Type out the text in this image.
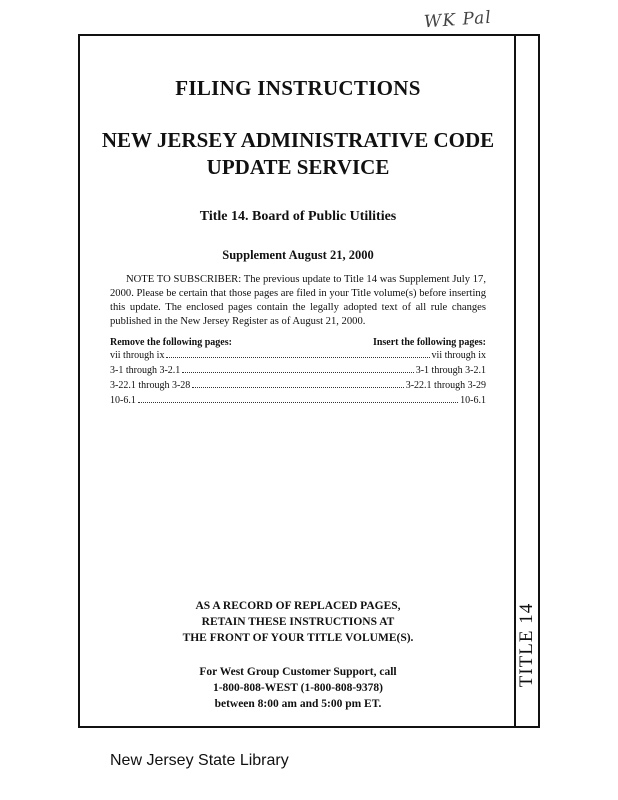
WK Pal
TITLE 14
FILING INSTRUCTIONS
NEW JERSEY ADMINISTRATIVE CODE
UPDATE SERVICE
Title 14. Board of Public Utilities
Supplement August 21, 2000
NOTE TO SUBSCRIBER: The previous update to Title 14 was Supplement July 17, 2000. Please be certain that those pages are filed in your Title volume(s) before inserting this update. The enclosed pages contain the legally adopted text of all rule changes published in the New Jersey Register as of August 21, 2000.
Remove the following pages:	Insert the following pages:
vii through ix	vii through ix
3-1 through 3-2.1	3-1 through 3-2.1
3-22.1 through 3-28	3-22.1 through 3-29
10-6.1	10-6.1
AS A RECORD OF REPLACED PAGES,
RETAIN THESE INSTRUCTIONS AT
THE FRONT OF YOUR TITLE VOLUME(S).
For West Group Customer Support, call
1-800-808-WEST (1-800-808-9378)
between 8:00 am and 5:00 pm ET.
New Jersey State Library
